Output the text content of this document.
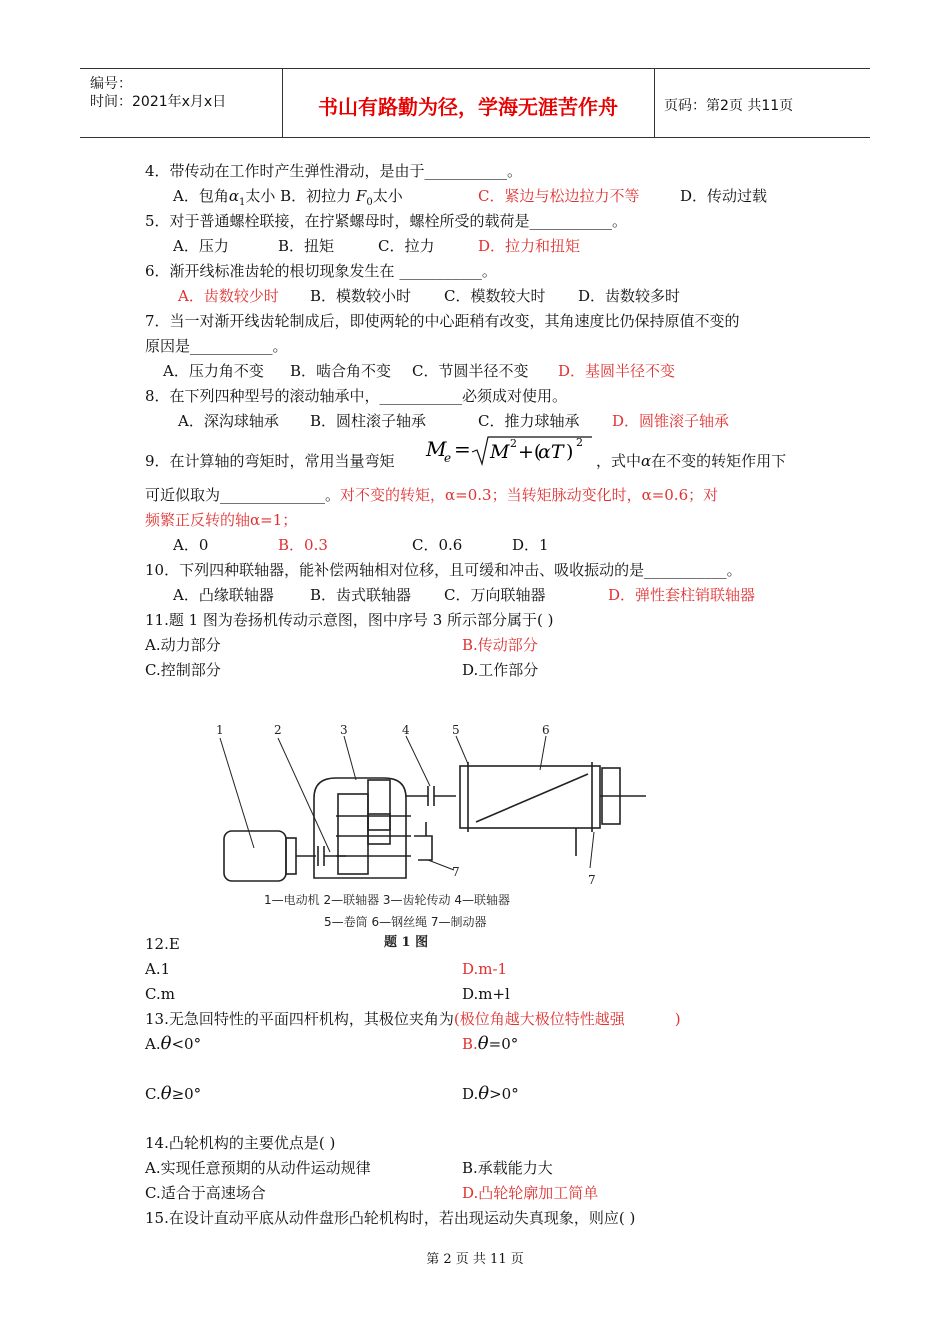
编号：
时间：2021年x月x日	页码：第2页 共11页
书山有路勤为径，学海无涯苦作舟
4．带传动在工作时产生弹性滑动，是由于___________。
A．包角$\alpha_1$太小 B．初拉力 $F_0$太小	C．紧边与松边拉力不等	D．传动过载
5．对于普通螺栓联接，在拧紧螺母时，螺栓所受的载荷是___________。
A．压力	B．扭矩	C．拉力	D．拉力和扭矩
6．渐开线标准齿轮的根切现象发生在 ___________。
A．齿数较少时 B．模数较小时 C．模数较大时 D．齿数较多时
7．当一对渐开线齿轮制成后，即使两轮的中心距稍有改变，其角速度比仍保持原值不变的
原因是___________。
A．压力角不变 B．啮合角不变 C．节圆半径不变 D．基圆半径不变
8．在下列四种型号的滚动轴承中，___________必须成对使用。
A．深沟球轴承 B．圆柱滚子轴承	C．推力球轴承 D．圆锥滚子轴承
9．在计算轴的弯矩时，常用当量弯矩 M
e = M 2 +(
αT ) 2
，式中α在不变的转矩作用下
可近似取为______________。对不变的转矩，α=0.3；当转矩脉动变化时，α=0.6；对
频繁正反转的轴α=1；
A．0	B．0.3	C．0.6	D．1
10．下列四种联轴器，能补偿两轴相对位移，且可缓和冲击、吸收振动的是___________。
A．凸缘联轴器 B．齿式联轴器 C．万向联轴器	D．弹性套柱销联轴器
11.题 1 图为卷扬机传动示意图，图中序号 3 所示部分属于( )
A.动力部分	B.传动部分
C.控制部分	D.工作部分
12.E
A.1	D.m-1
C.m	D.m+l
1	2	3	4	5	6
7
7
1—电动机 2—联轴器 3—齿轮传动 4—联轴器
5—卷筒 6—钢丝绳 7—制动器
题 1 图
13.无急回特性的平面四杆机构，其极位夹角为(极位角越大极位特性越强	)
A.θ<0°	B.θ=0°
C.θ≥0°	D.θ>0°
14.凸轮机构的主要优点是( )
A.实现任意预期的从动件运动规律	B.承载能力大
C.适合于高速场合	D.凸轮轮廓加工简单
15.在设计直动平底从动件盘形凸轮机构时，若出现运动失真现象，则应( )
第 2 页 共 11 页
